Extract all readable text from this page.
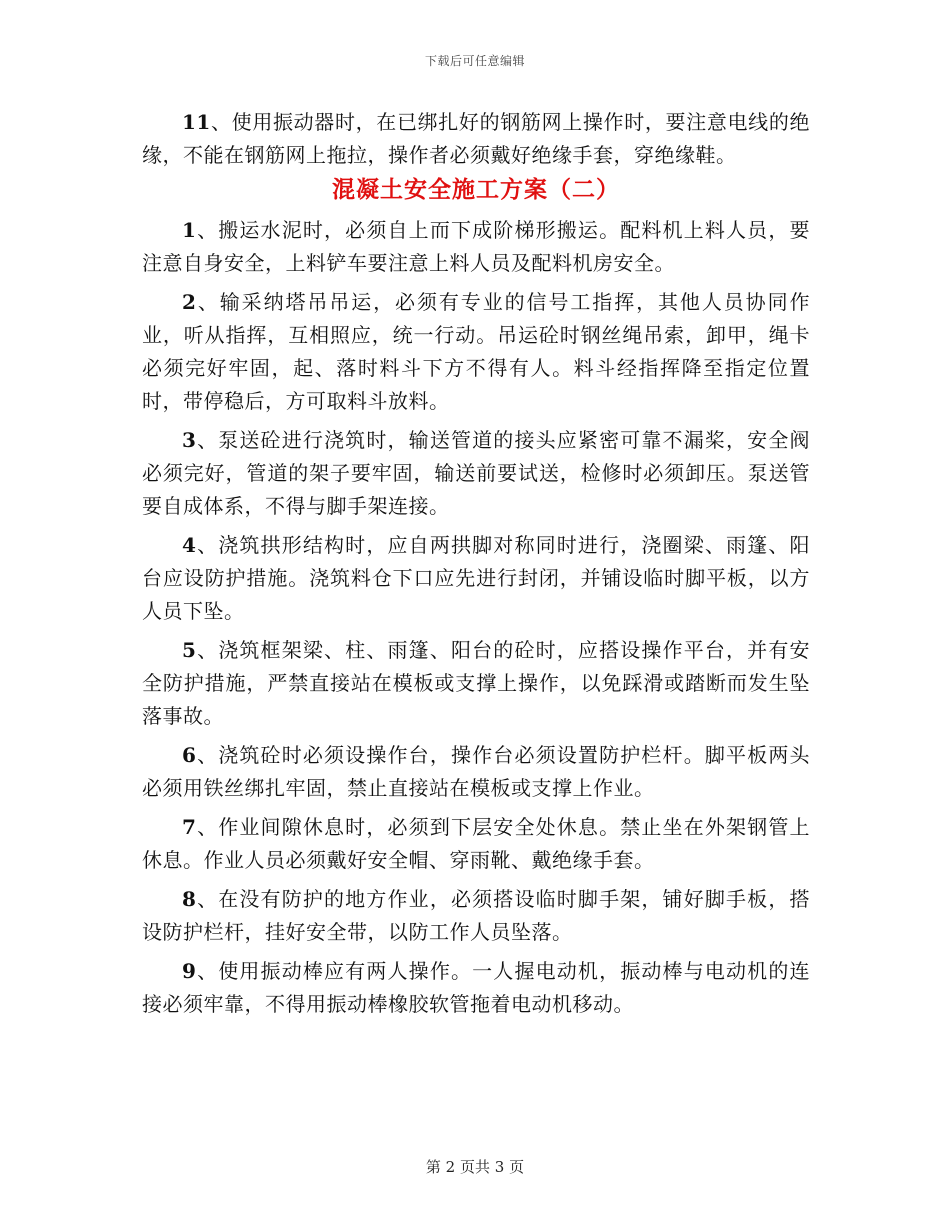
下载后可任意编辑

11、使用振动器时，在已绑扎好的钢筋网上操作时，要注意电线的绝缘，不能在钢筋网上拖拉，操作者必须戴好绝缘手套，穿绝缘鞋。

混凝土安全施工方案（二）

1、搬运水泥时，必须自上而下成阶梯形搬运。配料机上料人员，要注意自身安全，上料铲车要注意上料人员及配料机房安全。

2、输采纳塔吊吊运，必须有专业的信号工指挥，其他人员协同作业，听从指挥，互相照应，统一行动。吊运砼时钢丝绳吊索，卸甲，绳卡必须完好牢固，起、落时料斗下方不得有人。料斗经指挥降至指定位置时，带停稳后，方可取料斗放料。

3、泵送砼进行浇筑时，输送管道的接头应紧密可靠不漏桨，安全阀必须完好，管道的架子要牢固，输送前要试送，检修时必须卸压。泵送管要自成体系，不得与脚手架连接。

4、浇筑拱形结构时，应自两拱脚对称同时进行，浇圈梁、雨篷、阳台应设防护措施。浇筑料仓下口应先进行封闭，并铺设临时脚平板，以方人员下坠。

5、浇筑框架梁、柱、雨篷、阳台的砼时，应搭设操作平台，并有安全防护措施，严禁直接站在模板或支撑上操作，以免踩滑或踏断而发生坠落事故。

6、浇筑砼时必须设操作台，操作台必须设置防护栏杆。脚平板两头必须用铁丝绑扎牢固，禁止直接站在模板或支撑上作业。

7、作业间隙休息时，必须到下层安全处休息。禁止坐在外架钢管上休息。作业人员必须戴好安全帽、穿雨靴、戴绝缘手套。

8、在没有防护的地方作业，必须搭设临时脚手架，铺好脚手板，搭设防护栏杆，挂好安全带，以防工作人员坠落。

9、使用振动棒应有两人操作。一人握电动机，振动棒与电动机的连接必须牢靠，不得用振动棒橡胶软管拖着电动机移动。

第 2 页共 3 页
